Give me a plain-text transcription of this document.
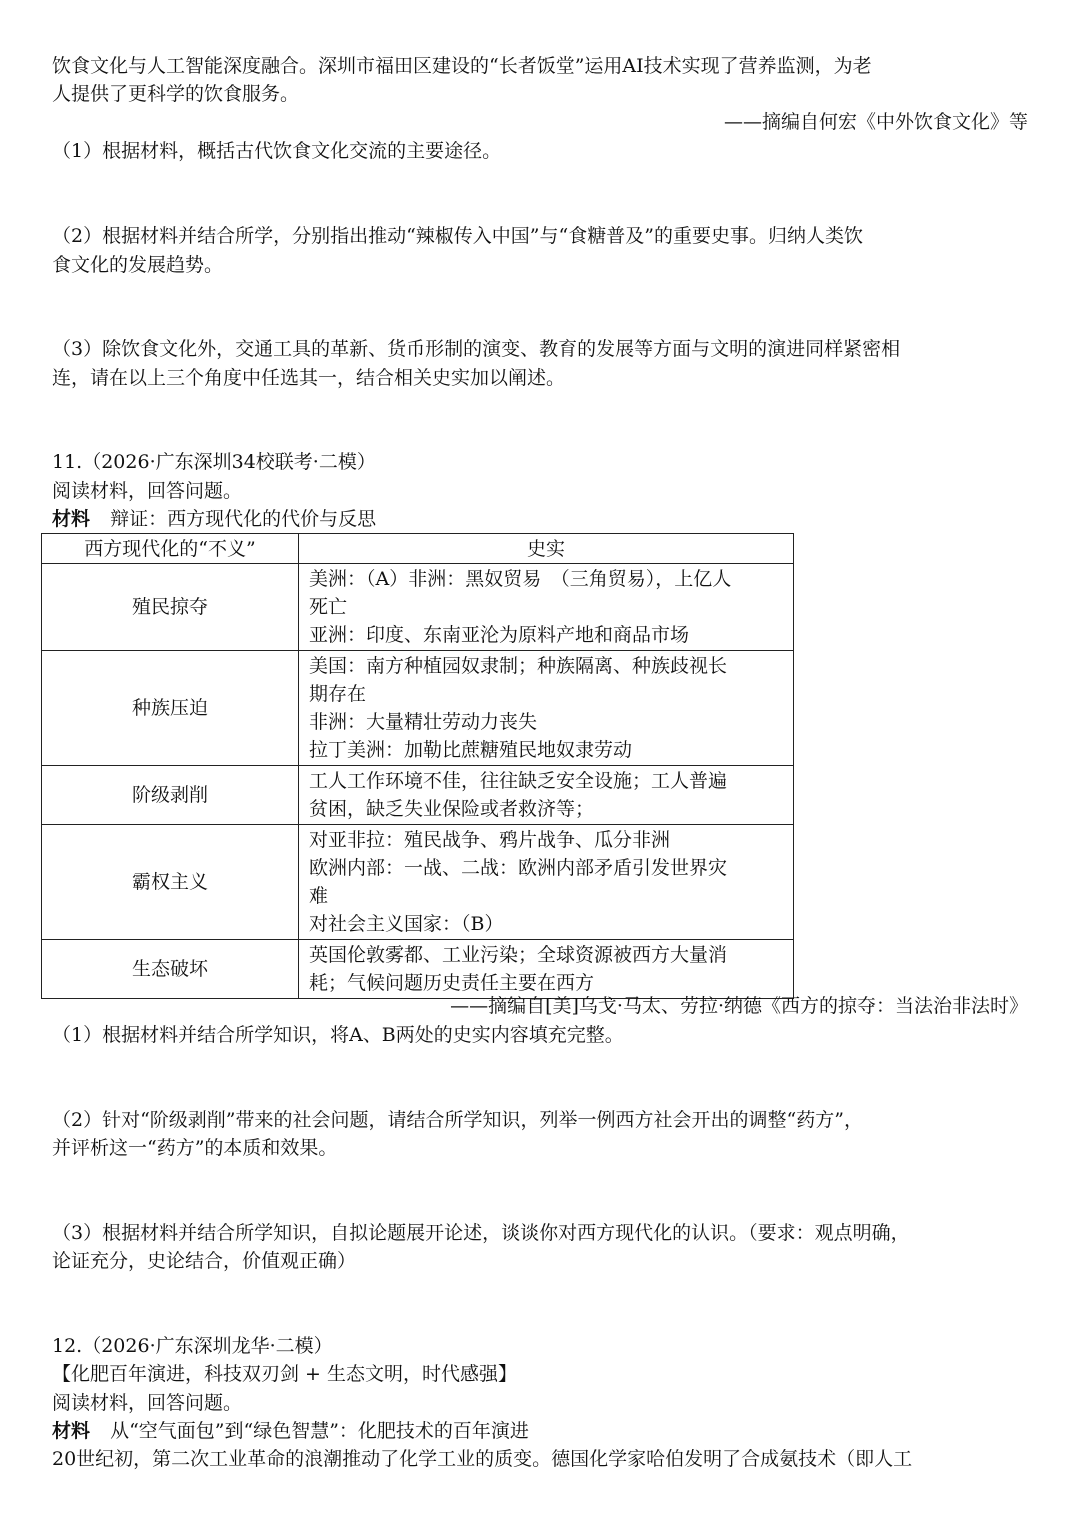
饮食文化与人工智能深度融合。深圳市福田区建设的“长者饭堂”运用AI技术实现了营养监测，为老
人提供了更科学的饮食服务。
——摘编自何宏《中外饮食文化》等
（1）根据材料，概括古代饮食文化交流的主要途径。
（2）根据材料并结合所学，分别指出推动“辣椒传入中国”与“食糖普及”的重要史事。归纳人类饮
食文化的发展趋势。
（3）除饮食文化外，交通工具的革新、货币形制的演变、教育的发展等方面与文明的演进同样紧密相
连，请在以上三个角度中任选其一，结合相关史实加以阐述。
11.（2026·广东深圳34校联考·二模）
阅读材料，回答问题。
材料 辩证：西方现代化的代价与反思
西方现代化的“不义”	史实
殖民掠夺	美洲：（A）非洲：黑奴贸易　（三角贸易），上亿人
死亡
亚洲：印度、东南亚沦为原料产地和商品市场

种族压迫	美国：南方种植园奴隶制；种族隔离、种族歧视长
期存在
非洲：大量精壮劳动力丧失
拉丁美洲：加勒比蔗糖殖民地奴隶劳动

阶级剥削	工人工作环境不佳，往往缺乏安全设施；工人普遍
贫困，缺乏失业保险或者救济等；

霸权主义	对亚非拉：殖民战争、鸦片战争、瓜分非洲
欧洲内部：一战、二战：欧洲内部矛盾引发世界灾
难
对社会主义国家：（B）

生态破坏	英国伦敦雾都、工业污染；全球资源被西方大量消
耗；气候问题历史责任主要在西方
——摘编自[美]乌戈·马太、劳拉·纳德《西方的掠夺：当法治非法时》
（1）根据材料并结合所学知识，将A、B两处的史实内容填充完整。
（2）针对“阶级剥削”带来的社会问题，请结合所学知识，列举一例西方社会开出的调整“药方”，
并评析这一“药方”的本质和效果。
（3）根据材料并结合所学知识，自拟论题展开论述，谈谈你对西方现代化的认识。（要求：观点明确，
论证充分，史论结合，价值观正确）
12.（2026·广东深圳龙华·二模）
【化肥百年演进，科技双刃剑 + 生态文明，时代感强】
阅读材料，回答问题。
材料 从“空气面包”到“绿色智慧”：化肥技术的百年演进
20世纪初，第二次工业革命的浪潮推动了化学工业的质变。德国化学家哈伯发明了合成氨技术（即人工
